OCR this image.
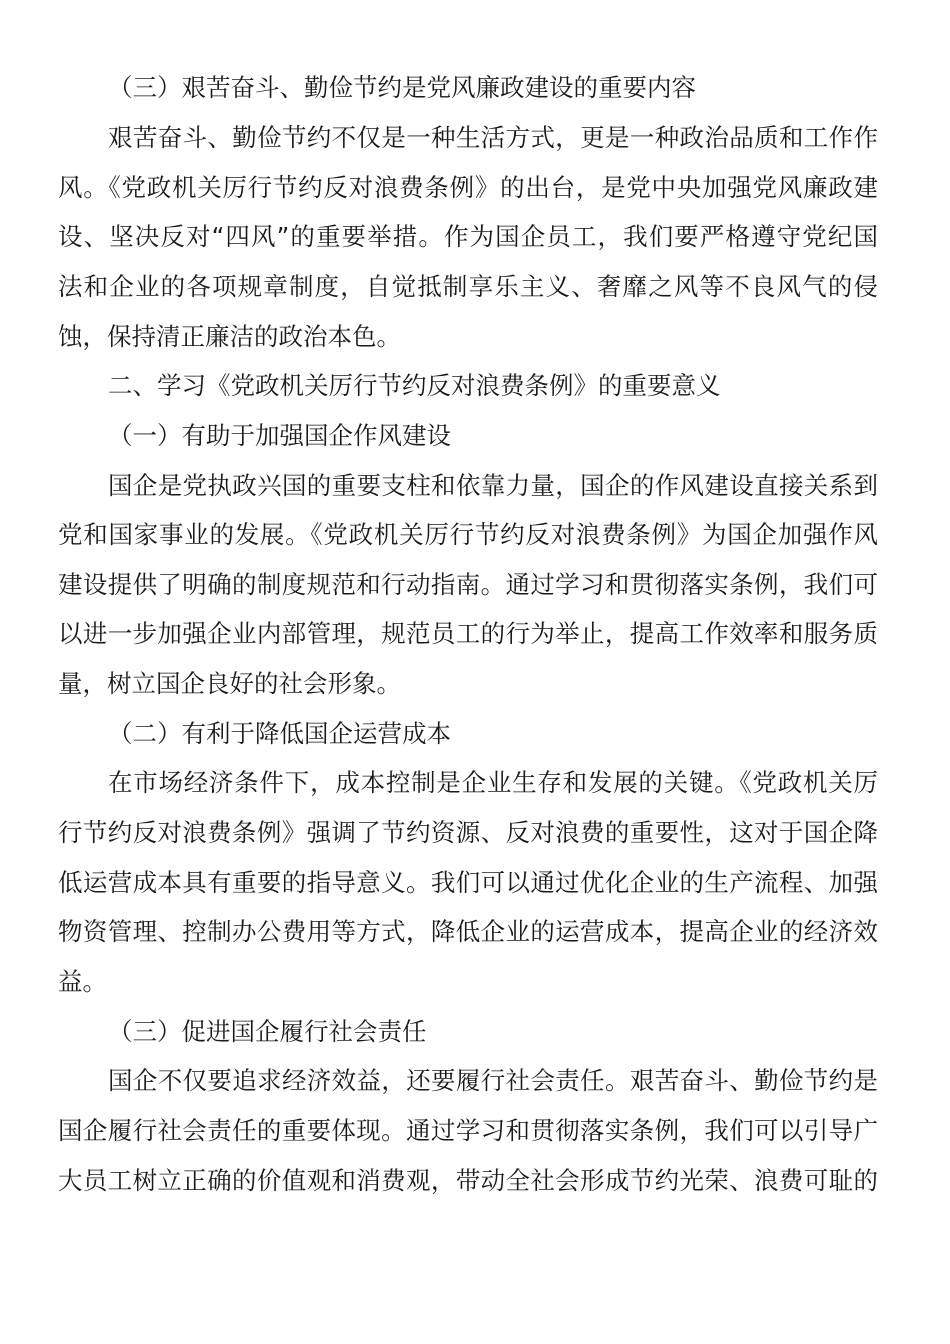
（三）艰苦奋斗、勤俭节约是党风廉政建设的重要内容
艰苦奋斗、勤俭节约不仅是一种生活方式，更是一种政治品质和工作作
风。《党政机关厉行节约反对浪费条例》的出台，是党中央加强党风廉政建
设、坚决反对“四风”的重要举措。作为国企员工，我们要严格遵守党纪国
法和企业的各项规章制度，自觉抵制享乐主义、奢靡之风等不良风气的侵
蚀，保持清正廉洁的政治本色。
二、学习《党政机关厉行节约反对浪费条例》的重要意义
（一）有助于加强国企作风建设
国企是党执政兴国的重要支柱和依靠力量，国企的作风建设直接关系到
党和国家事业的发展。《党政机关厉行节约反对浪费条例》为国企加强作风
建设提供了明确的制度规范和行动指南。通过学习和贯彻落实条例，我们可
以进一步加强企业内部管理，规范员工的行为举止，提高工作效率和服务质
量，树立国企良好的社会形象。
（二）有利于降低国企运营成本
在市场经济条件下，成本控制是企业生存和发展的关键。《党政机关厉
行节约反对浪费条例》强调了节约资源、反对浪费的重要性，这对于国企降
低运营成本具有重要的指导意义。我们可以通过优化企业的生产流程、加强
物资管理、控制办公费用等方式，降低企业的运营成本，提高企业的经济效
益。
（三）促进国企履行社会责任
国企不仅要追求经济效益，还要履行社会责任。艰苦奋斗、勤俭节约是
国企履行社会责任的重要体现。通过学习和贯彻落实条例，我们可以引导广
大员工树立正确的价值观和消费观，带动全社会形成节约光荣、浪费可耻的
